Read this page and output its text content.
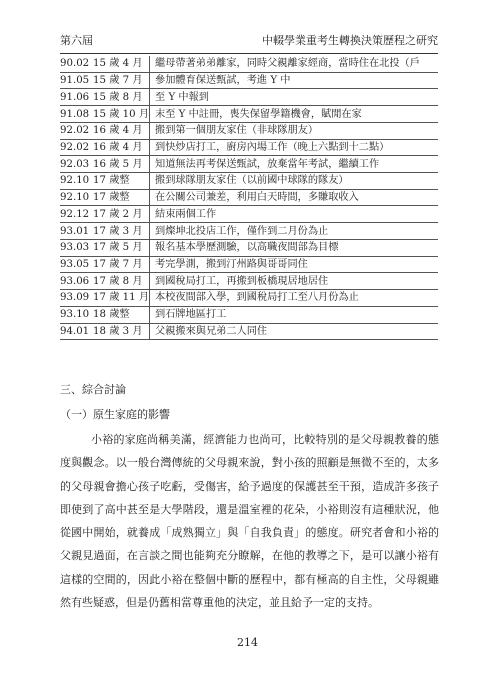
第六屆	中輟學業重考生轉換決策歷程之研究
90.02	15 歲 4 月	繼母帶著弟弟離家，同時父親離家經商，當時住在北投（戶
91.05	15 歲 7 月	參加體育保送甄試，考進 Y 中
91.06	15 歲 8 月	至 Y 中報到
91.08	15 歲 10 月	末至 Y 中註冊，喪失保留學籍機會，賦閒在家
92.02	16 歲 4 月	搬到第一個朋友家住（非球隊朋友）
92.02	16 歲 4 月	到快炒店打工，廚房內場工作（晚上六點到十二點）
92.03	16 歲 5 月	知道無法再考保送甄試，放棄當年考試，繼續工作
92.10	17 歲整	搬到球隊朋友家住（以前國中球隊的隊友）
92.10	17 歲整	在公關公司兼差，利用白天時間，多賺取收入
92.12	17 歲 2 月	結束兩個工作
93.01	17 歲 3 月	到燦坤北投店工作，僅作到二月份為止
93.03	17 歲 5 月	報名基本學歷測驗，以高職夜間部為目標
93.05	17 歲 7 月	考完學測，搬到汀州路與哥哥同住
93.06	17 歲 8 月	到國稅局打工，再搬到板橋現居地居住
93.09	17 歲 11 月	本校夜間部入學，到國稅局打工至八月份為止
93.10	18 歲整	到石牌地區打工
94.01	18 歲 3 月	父親搬來與兄弟二人同住
三、綜合討論
（一）原生家庭的影響

小裕的家庭尚稱美滿，經濟能力也尚可，比較特別的是父母親教養的態度與觀念。以一般台灣傳統的父母親來說，對小孩的照顧是無微不至的，太多的父母親會擔心孩子吃虧，受傷害，給予過度的保護甚至干預，造成許多孩子即使到了高中甚至是大學階段，還是溫室裡的花朵，小裕則沒有這種狀況，他從國中開始，就養成「成熟獨立」與「自我負責」的態度。研究者會和小裕的父親見過面，在言談之間也能夠充分瞭解，在他的教導之下，是可以讓小裕有這樣的空間的，因此小裕在整個中斷的歷程中，都有極高的自主性，父母親雖然有些疑惑，但是仍舊相當尊重他的決定，並且給予一定的支持。

214
